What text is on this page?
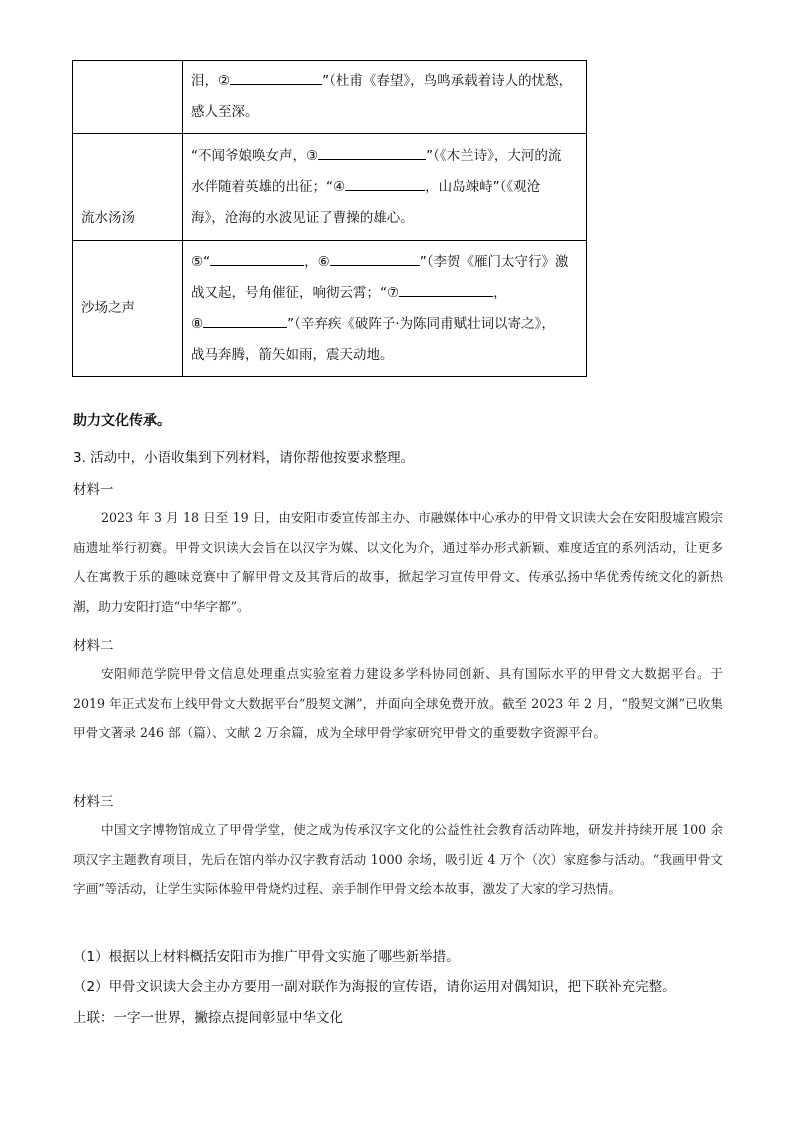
	泪，② ”（杜甫《春望》，鸟鸣承载着诗人的忧愁，
感人至深。
流水汤汤	“不闻爷娘唤女声，③ ”（《木兰诗》，大河的流
水伴随着英雄的出征；“④ ，山岛竦峙”（《观沧
海》，沧海的水波见证了曹操的雄心。
沙场之声	⑤“ ，⑥ ”（李贺《雁门太守行》激
战又起，号角催征，响彻云霄；“⑦ ，
⑧ ”（辛弃疾《破阵子·为陈同甫赋壮词以寄之》，
战马奔腾，箭矢如雨，震天动地。
助力文化传承。
3. 活动中，小语收集到下列材料，请你帮他按要求整理。
材料一
2023 年 3 月 18 日至 19 日，由安阳市委宣传部主办、市融媒体中心承办的甲骨文识读大会在安阳殷墟宫殿宗庙遗址举行初赛。甲骨文识读大会旨在以汉字为媒、以文化为介，通过举办形式新颖、难度适宜的系列活动，让更多人在寓教于乐的趣味竞赛中了解甲骨文及其背后的故事，掀起学习宣传甲骨文、传承弘扬中华优秀传统文化的新热潮，助力安阳打造“中华字都”。
材料二
安阳师范学院甲骨文信息处理重点实验室着力建设多学科协同创新、具有国际水平的甲骨文大数据平台。于 2019 年正式发布上线甲骨文大数据平台“殷契文渊”，并面向全球免费开放。截至 2023 年 2 月，“殷契文渊”已收集甲骨文著录 246 部（篇）、文献 2 万余篇，成为全球甲骨学家研究甲骨文的重要数字资源平台。
材料三
中国文字博物馆成立了甲骨学堂，使之成为传承汉字文化的公益性社会教育活动阵地，研发并持续开展 100 余项汉字主题教育项目，先后在馆内举办汉字教育活动 1000 余场，吸引近 4 万个（次）家庭参与活动。“我画甲骨文字画”等活动，让学生实际体验甲骨烧灼过程、亲手制作甲骨文绘本故事，激发了大家的学习热情。
（1）根据以上材料概括安阳市为推广甲骨文实施了哪些新举措。
（2）甲骨文识读大会主办方要用一副对联作为海报的宣传语，请你运用对偶知识，把下联补充完整。
上联：一字一世界，撇捺点提间彰显中华文化
